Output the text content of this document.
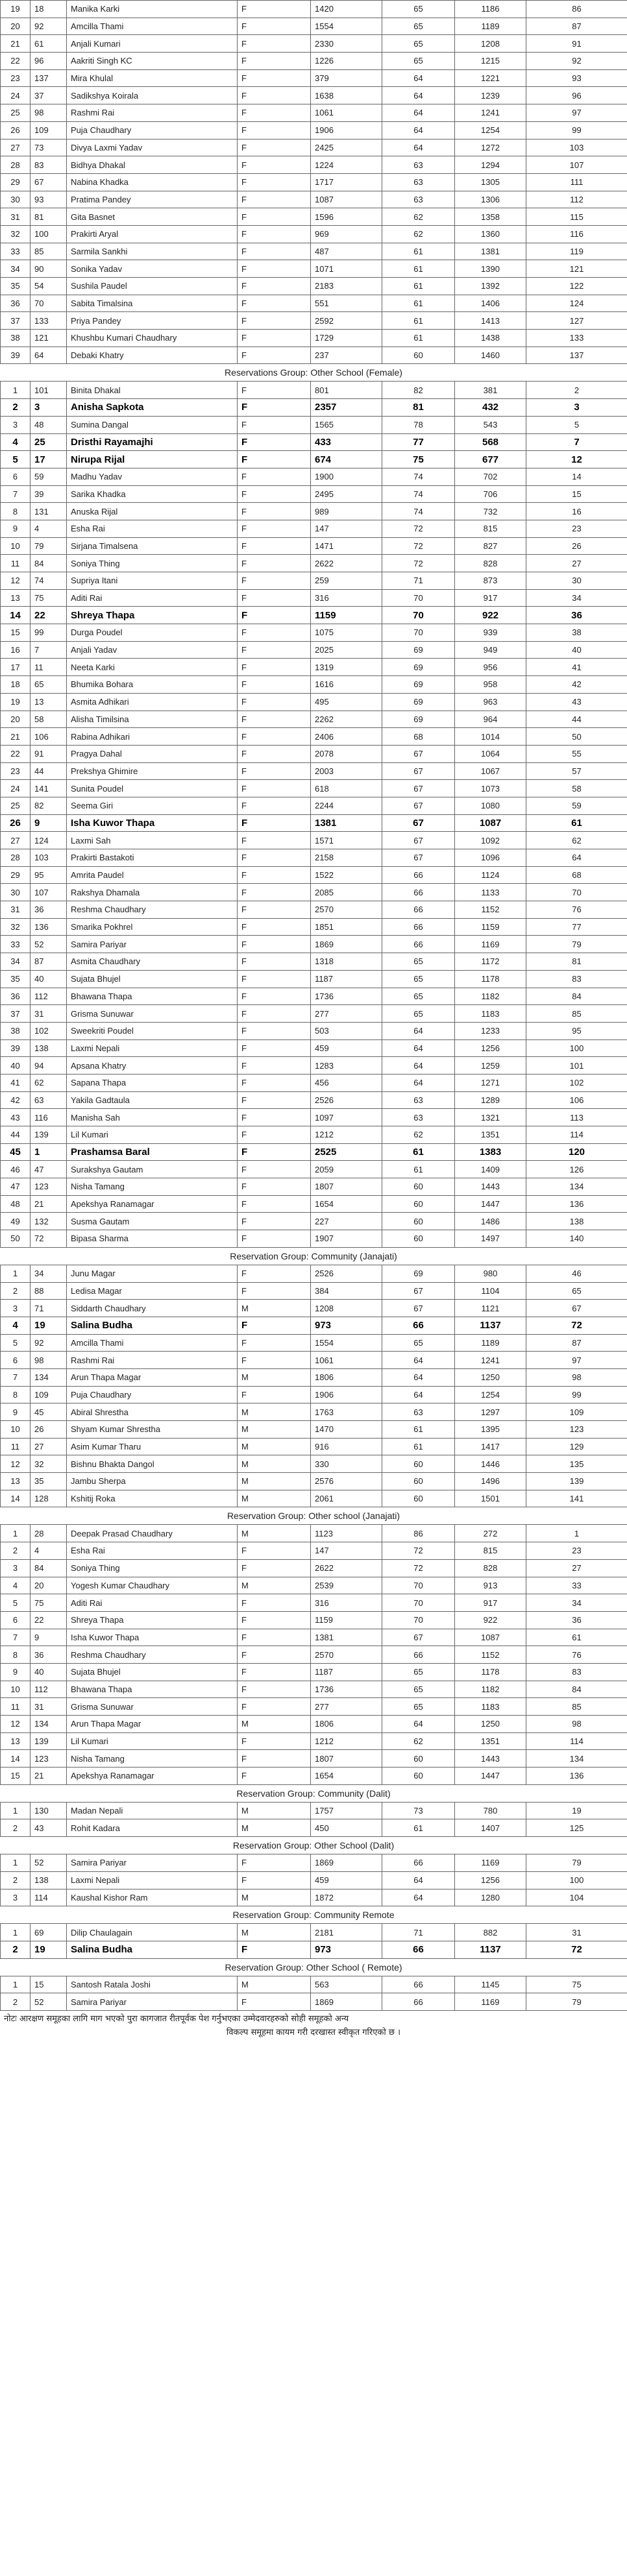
19	18	Manika Karki	F	1420	65	1186	86
20	92	Amcilla Thami	F	1554	65	1189	87
21	61	Anjali Kumari	F	2330	65	1208	91
22	96	Aakriti Singh KC	F	1226	65	1215	92
23	137	Mira Khulal	F	379	64	1221	93
24	37	Sadikshya Koirala	F	1638	64	1239	96
25	98	Rashmi Rai	F	1061	64	1241	97
26	109	Puja Chaudhary	F	1906	64	1254	99
27	73	Divya Laxmi Yadav	F	2425	64	1272	103
28	83	Bidhya Dhakal	F	1224	63	1294	107
29	67	Nabina Khadka	F	1717	63	1305	111
30	93	Pratima Pandey	F	1087	63	1306	112
31	81	Gita Basnet	F	1596	62	1358	115
32	100	Prakirti Aryal	F	969	62	1360	116
33	85	Sarmila Sankhi	F	487	61	1381	119
34	90	Sonika Yadav	F	1071	61	1390	121
35	54	Sushila Paudel	F	2183	61	1392	122
36	70	Sabita Timalsina	F	551	61	1406	124
37	133	Priya Pandey	F	2592	61	1413	127
38	121	Khushbu Kumari Chaudhary	F	1729	61	1438	133
39	64	Debaki Khatry	F	237	60	1460	137
Reservations Group: Other School (Female)
1	101	Binita Dhakal	F	801	82	381	2
2	3	Anisha Sapkota	F	2357	81	432	3
3	48	Sumina Dangal	F	1565	78	543	5
4	25	Dristhi Rayamajhi	F	433	77	568	7
5	17	Nirupa Rijal	F	674	75	677	12
6	59	Madhu Yadav	F	1900	74	702	14
7	39	Sarika Khadka	F	2495	74	706	15
8	131	Anuska Rijal	F	989	74	732	16
9	4	Esha Rai	F	147	72	815	23
10	79	Sirjana Timalsena	F	1471	72	827	26
11	84	Soniya Thing	F	2622	72	828	27
12	74	Supriya Itani	F	259	71	873	30
13	75	Aditi Rai	F	316	70	917	34
14	22	Shreya Thapa	F	1159	70	922	36
15	99	Durga Poudel	F	1075	70	939	38
16	7	Anjali Yadav	F	2025	69	949	40
17	11	Neeta Karki	F	1319	69	956	41
18	65	Bhumika Bohara	F	1616	69	958	42
19	13	Asmita Adhikari	F	495	69	963	43
20	58	Alisha Timilsina	F	2262	69	964	44
21	106	Rabina Adhikari	F	2406	68	1014	50
22	91	Pragya Dahal	F	2078	67	1064	55
23	44	Prekshya Ghimire	F	2003	67	1067	57
24	141	Sunita Poudel	F	618	67	1073	58
25	82	Seema Giri	F	2244	67	1080	59
26	9	Isha Kuwor Thapa	F	1381	67	1087	61
27	124	Laxmi Sah	F	1571	67	1092	62
28	103	Prakirti Bastakoti	F	2158	67	1096	64
29	95	Amrita Paudel	F	1522	66	1124	68
30	107	Rakshya Dhamala	F	2085	66	1133	70
31	36	Reshma Chaudhary	F	2570	66	1152	76
32	136	Smarika Pokhrel	F	1851	66	1159	77
33	52	Samira Pariyar	F	1869	66	1169	79
34	87	Asmita Chaudhary	F	1318	65	1172	81
35	40	Sujata Bhujel	F	1187	65	1178	83
36	112	Bhawana Thapa	F	1736	65	1182	84
37	31	Grisma Sunuwar	F	277	65	1183	85
38	102	Sweekriti Poudel	F	503	64	1233	95
39	138	Laxmi Nepali	F	459	64	1256	100
40	94	Apsana Khatry	F	1283	64	1259	101
41	62	Sapana Thapa	F	456	64	1271	102
42	63	Yakila Gadtaula	F	2526	63	1289	106
43	116	Manisha Sah	F	1097	63	1321	113
44	139	Lil Kumari	F	1212	62	1351	114
45	1	Prashamsa Baral	F	2525	61	1383	120
46	47	Surakshya Gautam	F	2059	61	1409	126
47	123	Nisha Tamang	F	1807	60	1443	134
48	21	Apekshya Ranamagar	F	1654	60	1447	136
49	132	Susma Gautam	F	227	60	1486	138
50	72	Bipasa Sharma	F	1907	60	1497	140
Reservation Group: Community (Janajati)
1	34	Junu Magar	F	2526	69	980	46
2	88	Ledisa Magar	F	384	67	1104	65
3	71	Siddarth Chaudhary	M	1208	67	1121	67
4	19	Salina Budha	F	973	66	1137	72
5	92	Amcilla Thami	F	1554	65	1189	87
6	98	Rashmi Rai	F	1061	64	1241	97
7	134	Arun Thapa Magar	M	1806	64	1250	98
8	109	Puja Chaudhary	F	1906	64	1254	99
9	45	Abiral Shrestha	M	1763	63	1297	109
10	26	Shyam Kumar Shrestha	M	1470	61	1395	123
11	27	Asim Kumar Tharu	M	916	61	1417	129
12	32	Bishnu Bhakta Dangol	M	330	60	1446	135
13	35	Jambu Sherpa	M	2576	60	1496	139
14	128	Kshitij Roka	M	2061	60	1501	141
Reservation Group: Other school (Janajati)
1	28	Deepak Prasad Chaudhary	M	1123	86	272	1
2	4	Esha Rai	F	147	72	815	23
3	84	Soniya Thing	F	2622	72	828	27
4	20	Yogesh Kumar Chaudhary	M	2539	70	913	33
5	75	Aditi Rai	F	316	70	917	34
6	22	Shreya Thapa	F	1159	70	922	36
7	9	Isha Kuwor Thapa	F	1381	67	1087	61
8	36	Reshma Chaudhary	F	2570	66	1152	76
9	40	Sujata Bhujel	F	1187	65	1178	83
10	112	Bhawana Thapa	F	1736	65	1182	84
11	31	Grisma Sunuwar	F	277	65	1183	85
12	134	Arun Thapa Magar	M	1806	64	1250	98
13	139	Lil Kumari	F	1212	62	1351	114
14	123	Nisha Tamang	F	1807	60	1443	134
15	21	Apekshya Ranamagar	F	1654	60	1447	136
Reservation Group: Community (Dalit)
1	130	Madan Nepali	M	1757	73	780	19
2	43	Rohit Kadara	M	450	61	1407	125
Reservation Group: Other School (Dalit)
1	52	Samira Pariyar	F	1869	66	1169	79
2	138	Laxmi Nepali	F	459	64	1256	100
3	114	Kaushal Kishor Ram	M	1872	64	1280	104
Reservation Group: Community Remote
1	69	Dilip Chaulagain	M	2181	71	882	31
2	19	Salina Budha	F	973	66	1137	72
Reservation Group: Other School ( Remote)
1	15	Santosh Ratala Joshi	M	563	66	1145	75
2	52	Samira Pariyar	F	1869	66	1169	79
नोटः आरक्षण समूहका लागि माग भएको पुरा कागजात रीतपूर्वक पेश गर्नुभएका उम्मेदवारहरुको सोही समूहको अन्य
विकल्प समूहमा कायम गरी दरखास्त स्वीकृत गरिएको छ ।
